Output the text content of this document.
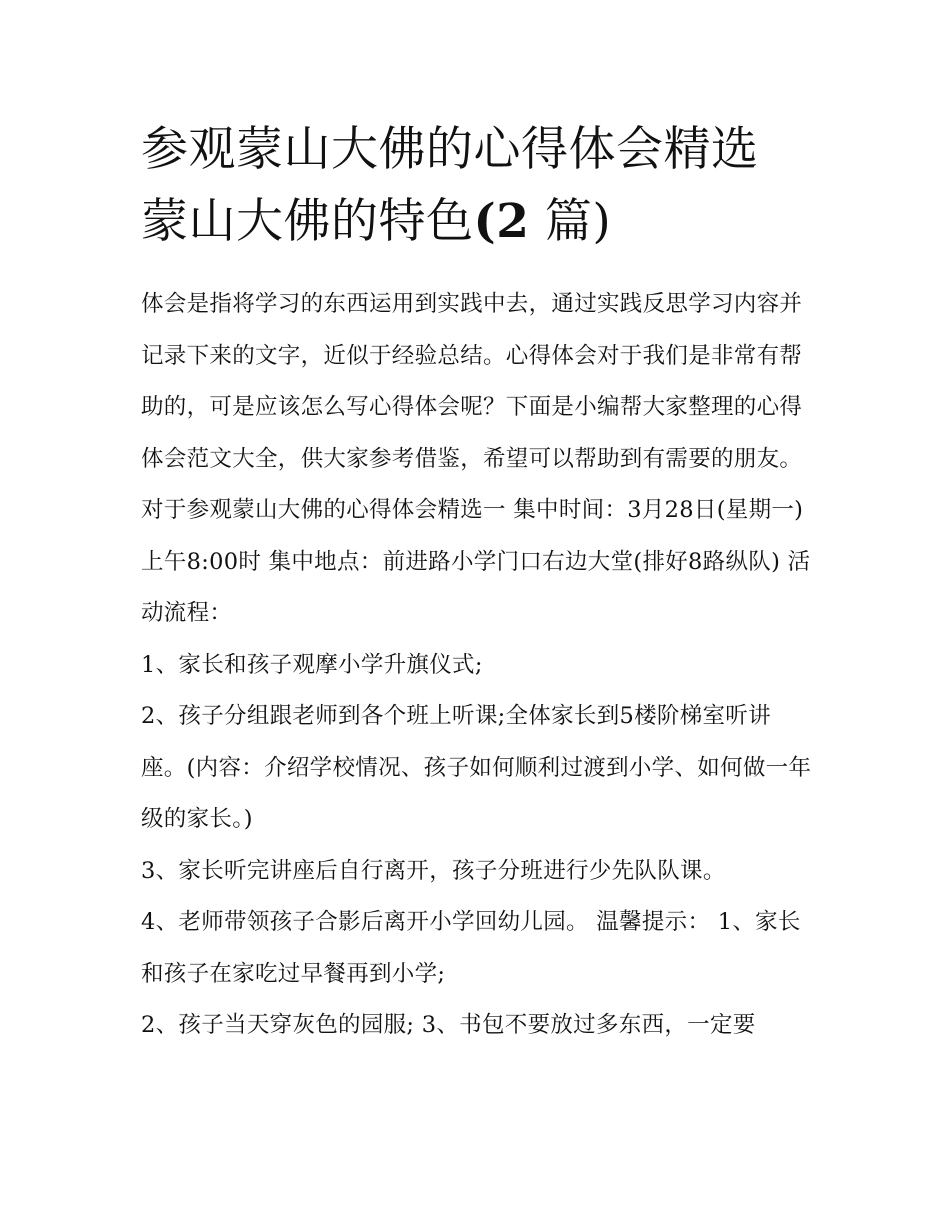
参观蒙山大佛的心得体会精选
蒙山大佛的特色(2 篇)

体会是指将学习的东西运用到实践中去，通过实践反思学习内容并记录下来的文字，近似于经验总结。心得体会对于我们是非常有帮助的，可是应该怎么写心得体会呢？下面是小编帮大家整理的心得体会范文大全，供大家参考借鉴，希望可以帮助到有需要的朋友。

对于参观蒙山大佛的心得体会精选一 集中时间：3月28日(星期一)上午8:00时 集中地点：前进路小学门口右边大堂(排好8路纵队) 活动流程：

1、家长和孩子观摩小学升旗仪式;

2、孩子分组跟老师到各个班上听课;全体家长到5楼阶梯室听讲座。(内容：介绍学校情况、孩子如何顺利过渡到小学、如何做一年级的家长。)

3、家长听完讲座后自行离开，孩子分班进行少先队队课。

4、老师带领孩子合影后离开小学回幼儿园。 温馨提示： 1、家长和孩子在家吃过早餐再到小学;

2、孩子当天穿灰色的园服; 3、书包不要放过多东西，一定要
